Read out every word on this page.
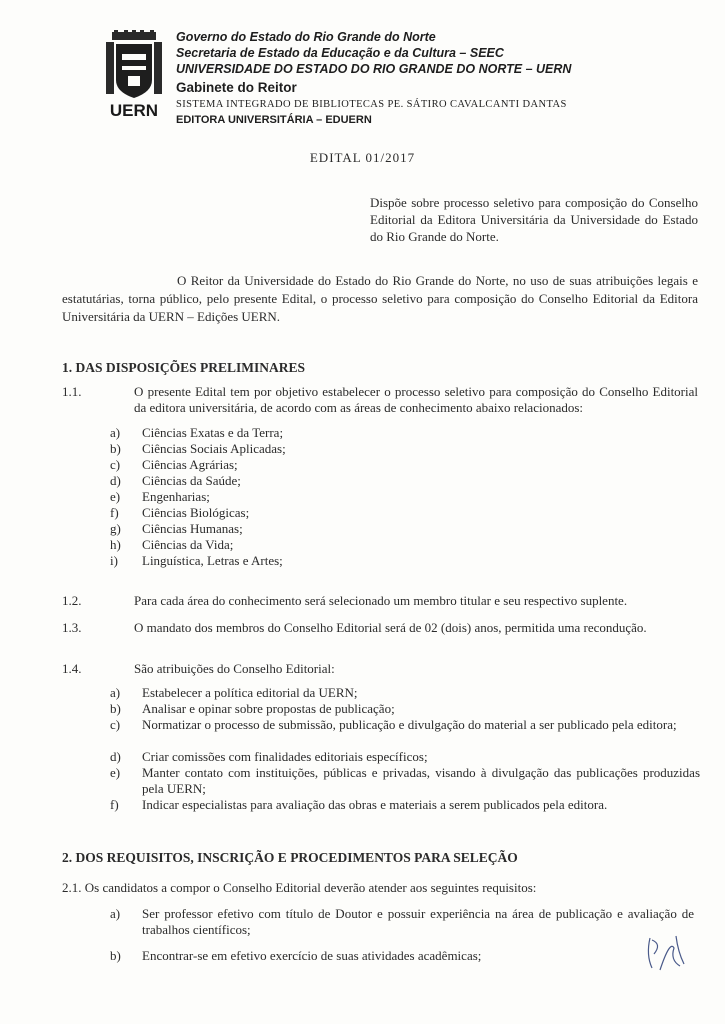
UERN
Governo do Estado do Rio Grande do Norte
Secretaria de Estado da Educação e da Cultura – SEEC
UNIVERSIDADE DO ESTADO DO RIO GRANDE DO NORTE – UERN
Gabinete do Reitor
SISTEMA INTEGRADO DE BIBLIOTECAS PE. SÁTIRO CAVALCANTI DANTAS
EDITORA UNIVERSITÁRIA – EDUERN
EDITAL 01/2017
Dispõe sobre processo seletivo para composição do Conselho Editorial da Editora Universitária da Universidade do Estado do Rio Grande do Norte.
O Reitor da Universidade do Estado do Rio Grande do Norte, no uso de suas atribuições legais e estatutárias, torna público, pelo presente Edital, o processo seletivo para composição do Conselho Editorial da Editora Universitária da UERN – Edições UERN.
1. DAS DISPOSIÇÕES PRELIMINARES
1.1.	O presente Edital tem por objetivo estabelecer o processo seletivo para composição do Conselho Editorial da editora universitária, de acordo com as áreas de conhecimento abaixo relacionados:
a)	Ciências Exatas e da Terra;
b)	Ciências Sociais Aplicadas;
c)	Ciências Agrárias;
d)	Ciências da Saúde;
e)	Engenharias;
f)	Ciências Biológicas;
g)	Ciências Humanas;
h)	Ciências da Vida;
i)	Linguística, Letras e Artes;
1.2.	Para cada área do conhecimento será selecionado um membro titular e seu respectivo suplente.
1.3.	O mandato dos membros do Conselho Editorial será de 02 (dois) anos, permitida uma recondução.
1.4.	São atribuições do Conselho Editorial:
a)	Estabelecer a política editorial da UERN;
b)	Analisar e opinar sobre propostas de publicação;
c)	Normatizar o processo de submissão, publicação e divulgação do material a ser publicado pela editora;
d)	Criar comissões com finalidades editoriais específicos;
e)	Manter contato com instituições, públicas e privadas, visando à divulgação das publicações produzidas pela UERN;
f)	Indicar especialistas para avaliação das obras e materiais a serem publicados pela editora.
2. DOS REQUISITOS, INSCRIÇÃO E PROCEDIMENTOS PARA SELEÇÃO
2.1. Os candidatos a compor o Conselho Editorial deverão atender aos seguintes requisitos:
a) Ser professor efetivo com título de Doutor e possuir experiência na área de publicação e avaliação de trabalhos científicos;
b) Encontrar-se em efetivo exercício de suas atividades acadêmicas;
